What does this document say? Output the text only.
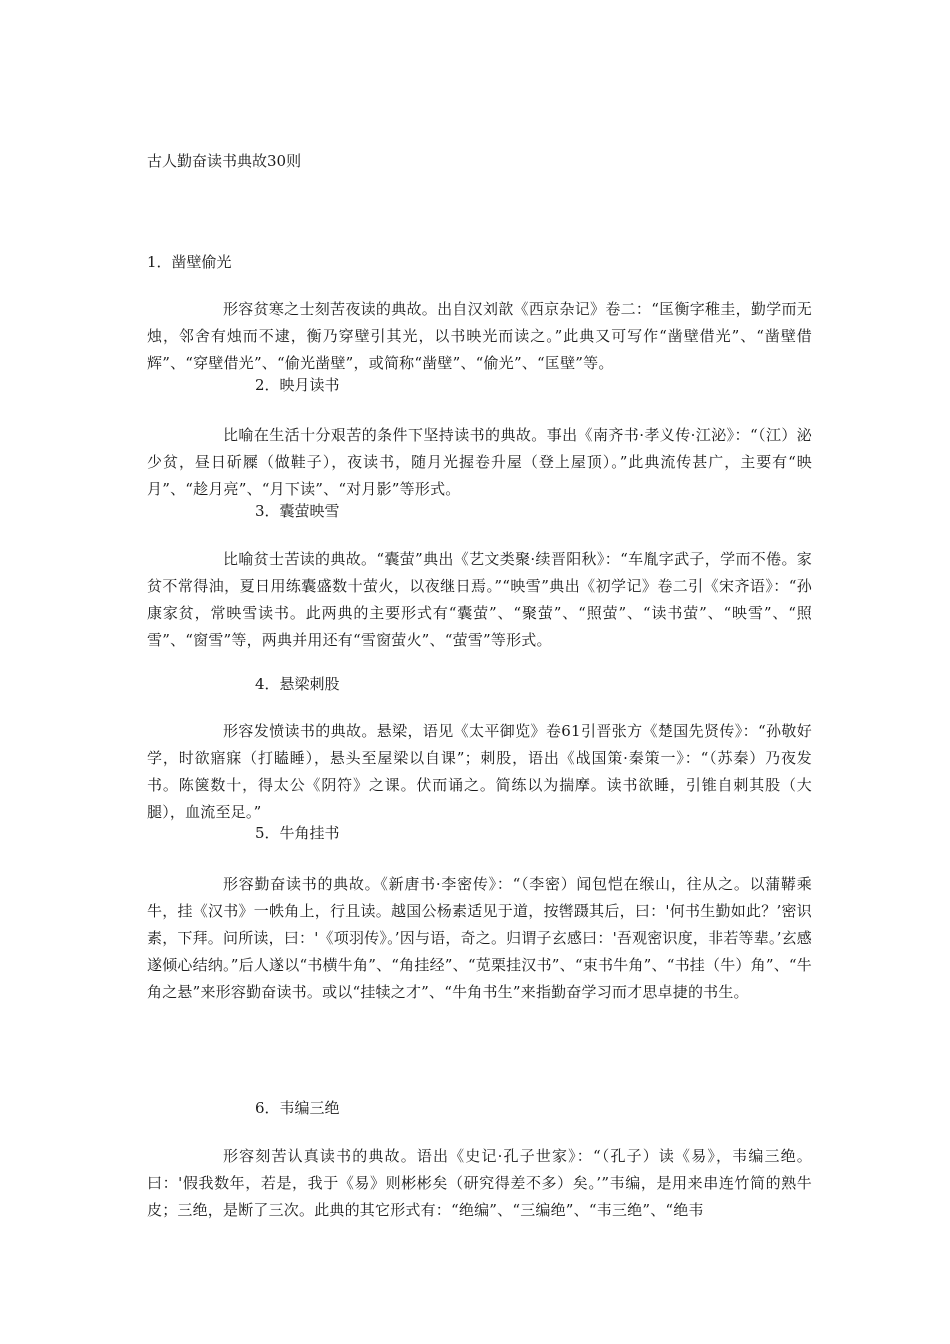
古人勤奋读书典故30则
1．凿壁偷光
形容贫寒之士刻苦夜读的典故。出自汉刘歆《西京杂记》卷二：“匡衡字稚圭，勤学而无烛，邻舍有烛而不逮，衡乃穿壁引其光，以书映光而读之。”此典又可写作“凿壁借光”、“凿壁借辉”、“穿壁借光”、“偷光凿壁”，或简称“凿壁”、“偷光”、“匡壁”等。
2．映月读书
比喻在生活十分艰苦的条件下坚持读书的典故。事出《南齐书·孝义传·江泌》：“（江）泌少贫，昼日斫屧（做鞋子），夜读书，随月光握卷升屋（登上屋顶）。”此典流传甚广，主要有“映月”、“趁月亮”、“月下读”、“对月影”等形式。
3．囊萤映雪
比喻贫士苦读的典故。“囊萤”典出《艺文类聚·续晋阳秋》：“车胤字武子，学而不倦。家贫不常得油，夏日用练囊盛数十萤火，以夜继日焉。”“映雪”典出《初学记》卷二引《宋齐语》：“孙康家贫，常映雪读书。此两典的主要形式有“囊萤”、“聚萤”、“照萤”、“读书萤”、“映雪”、“照雪”、“窗雪”等，两典并用还有“雪窗萤火”、“萤雪”等形式。
4．悬梁刺股
形容发愤读书的典故。悬梁，语见《太平御览》卷61引晋张方《楚国先贤传》：“孙敬好学，时欲寤寐（打瞌睡），悬头至屋梁以自课”；刺股，语出《战国策·秦策一》：“（苏秦）乃夜发书。陈箧数十，得太公《阴符》之课。伏而诵之。简练以为揣摩。读书欲睡，引锥自刺其股（大腿），血流至足。”
5．牛角挂书
形容勤奋读书的典故。《新唐书·李密传》：“（李密）闻包恺在缑山，往从之。以蒲鞯乘牛，挂《汉书》一帙角上，行且读。越国公杨素适见于道，按辔蹑其后，曰：'何书生勤如此？’密识素，下拜。问所读，曰：'《项羽传》。’因与语，奇之。归谓子玄感曰：'吾观密识度，非若等辈。’玄感遂倾心结纳。”后人遂以“书横牛角”、“角挂经”、“苋栗挂汉书”、“束书牛角”、“书挂（牛）角”、“牛角之悬”来形容勤奋读书。或以“挂犊之才”、“牛角书生”来指勤奋学习而才思卓捷的书生。
6．韦编三绝
形容刻苦认真读书的典故。语出《史记·孔子世家》：“（孔子）读《易》，韦编三绝。曰：'假我数年，若是，我于《易》则彬彬矣（研究得差不多）矣。’”韦编，是用来串连竹简的熟牛皮；三绝，是断了三次。此典的其它形式有：“绝编”、“三编绝”、“韦三绝”、“绝韦
